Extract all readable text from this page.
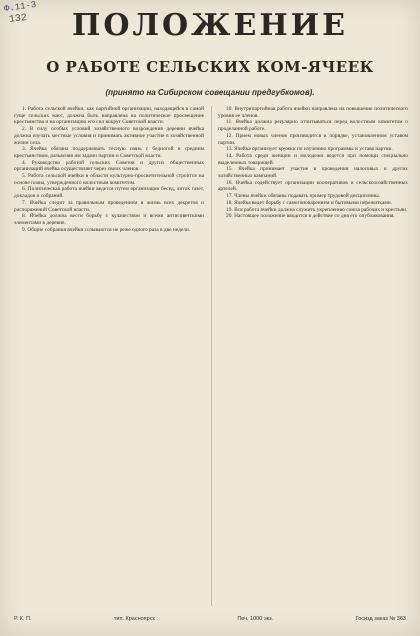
Ф.11-3
132	ПОЛОЖЕНИЕ
О РАБОТЕ СЕЛЬСКИХ КОМ-ЯЧЕЕК
(принято на Сибирском совещании предгубкомов).

1. Работа сельской ячейки, как партийной организации, находящейся в самой гуще сельских масс, должна быть направлена на политическое просвещение крестьянства и на организацию его сил вокруг Советской власти.

2. В силу особых условий хозяйственного возрождения деревни ячейка должна изучать местные условия и принимать активное участие в хозяйственной жизни села.

3. Ячейка обязана поддерживать тесную связь с беднотой и средним крестьянством, разъясняя им задачи партии и Советской власти.

4. Руководство работой сельских Советов и других общественных организаций ячейка осуществляет через своих членов.

5. Работа сельской ячейки в области культурно-просветительной строится на основе плана, утвержденного волостным комитетом.

6. Политическая работа ячейки ведется путем организации бесед, читок газет, докладов и собраний.

7. Ячейка следит за правильным проведением в жизнь всех декретов и распоряжений Советской власти.

8. Ячейка должна вести борьбу с кулачеством и всеми антисоветскими элементами в деревне.

9. Общие собрания ячейки созываются не реже одного раза в две недели.

10. Внутрипартийная работа ячейки направлена на повышение политического уровня ее членов.

11. Ячейка должна регулярно отчитываться перед волостным комитетом о проделанной работе.

12. Прием новых членов производится в порядке, установленном уставом партии.

13. Ячейка организует кружки по изучению программы и устава партии.

14. Работа среди женщин и молодежи ведется при помощи специально выделенных товарищей.

15. Ячейка принимает участие в проведении налоговых и других хозяйственных кампаний.

16. Ячейка содействует организации кооперативов и сельскохозяйственных артелей.

17. Члены ячейки обязаны подавать пример трудовой дисциплины.

18. Ячейка ведет борьбу с самогоноварением и бытовыми пережитками.

19. Вся работа ячейки должна служить укреплению союза рабочих и крестьян.

20. Настоящее положение вводится в действие со дня его опубликования.

Р. К. П.	тип. Красноярск	Печ. 1000 экз.	Госизд заказ № 363
